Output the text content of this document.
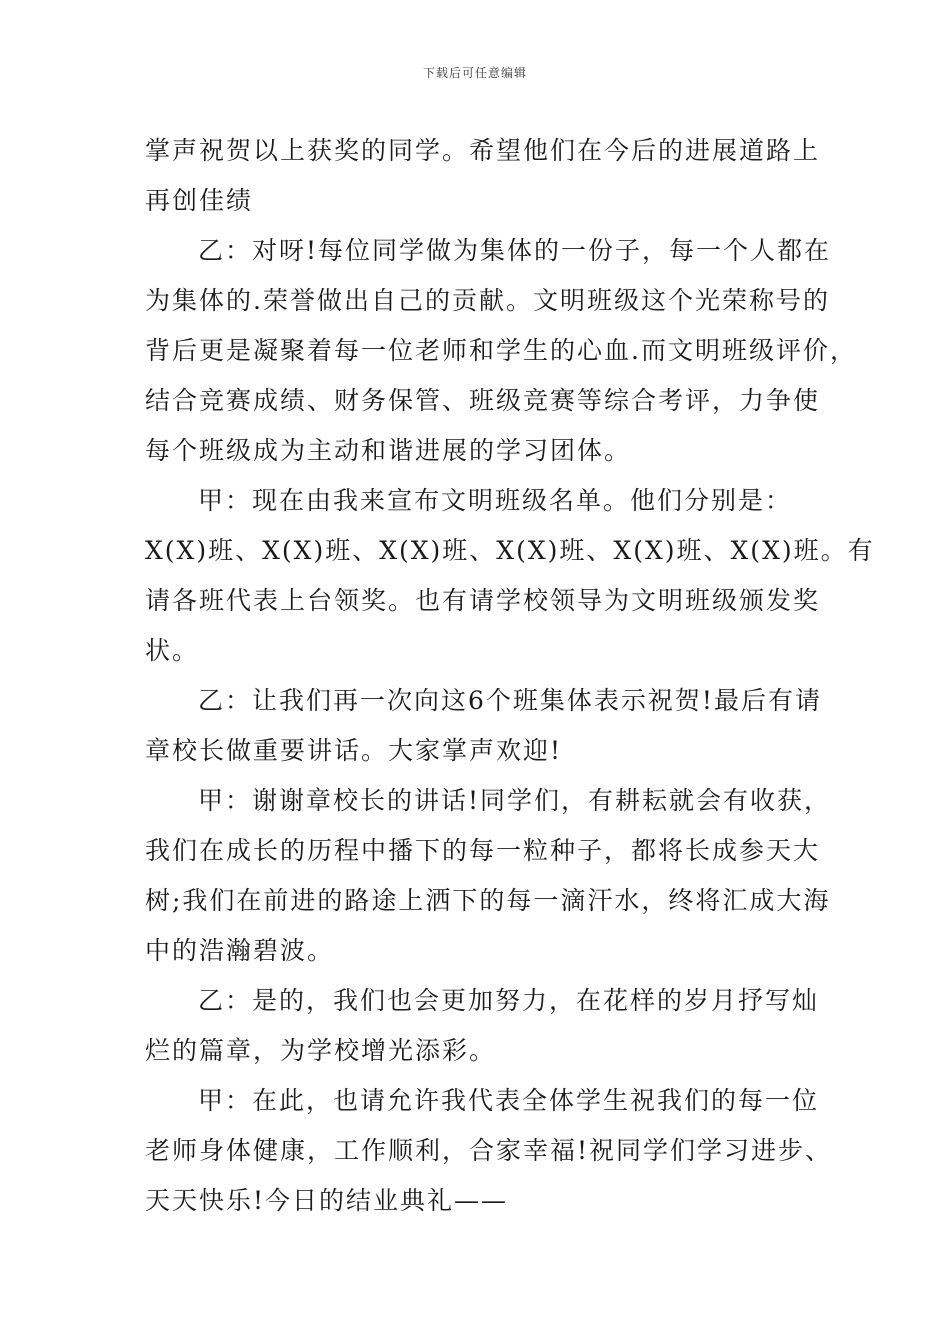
下载后可任意编辑
掌声祝贺以上获奖的同学。希望他们在今后的进展道路上
再创佳绩
乙：对呀!每位同学做为集体的一份子，每一个人都在
为集体的.荣誉做出自己的贡献。文明班级这个光荣称号的
背后更是凝聚着每一位老师和学生的心血.而文明班级评价，
结合竞赛成绩、财务保管、班级竞赛等综合考评，力争使
每个班级成为主动和谐进展的学习团体。
甲：现在由我来宣布文明班级名单。他们分别是：
X(X)班、X(X)班、X(X)班、X(X)班、X(X)班、X(X)班。有
请各班代表上台领奖。也有请学校领导为文明班级颁发奖
状。
乙：让我们再一次向这6个班集体表示祝贺!最后有请
章校长做重要讲话。大家掌声欢迎!
甲：谢谢章校长的讲话!同学们，有耕耘就会有收获，
我们在成长的历程中播下的每一粒种子，都将长成参天大
树;我们在前进的路途上洒下的每一滴汗水，终将汇成大海
中的浩瀚碧波。
乙：是的，我们也会更加努力，在花样的岁月抒写灿
烂的篇章，为学校增光添彩。
甲：在此，也请允许我代表全体学生祝我们的每一位
老师身体健康，工作顺利，合家幸福!祝同学们学习进步、
天天快乐!今日的结业典礼——
